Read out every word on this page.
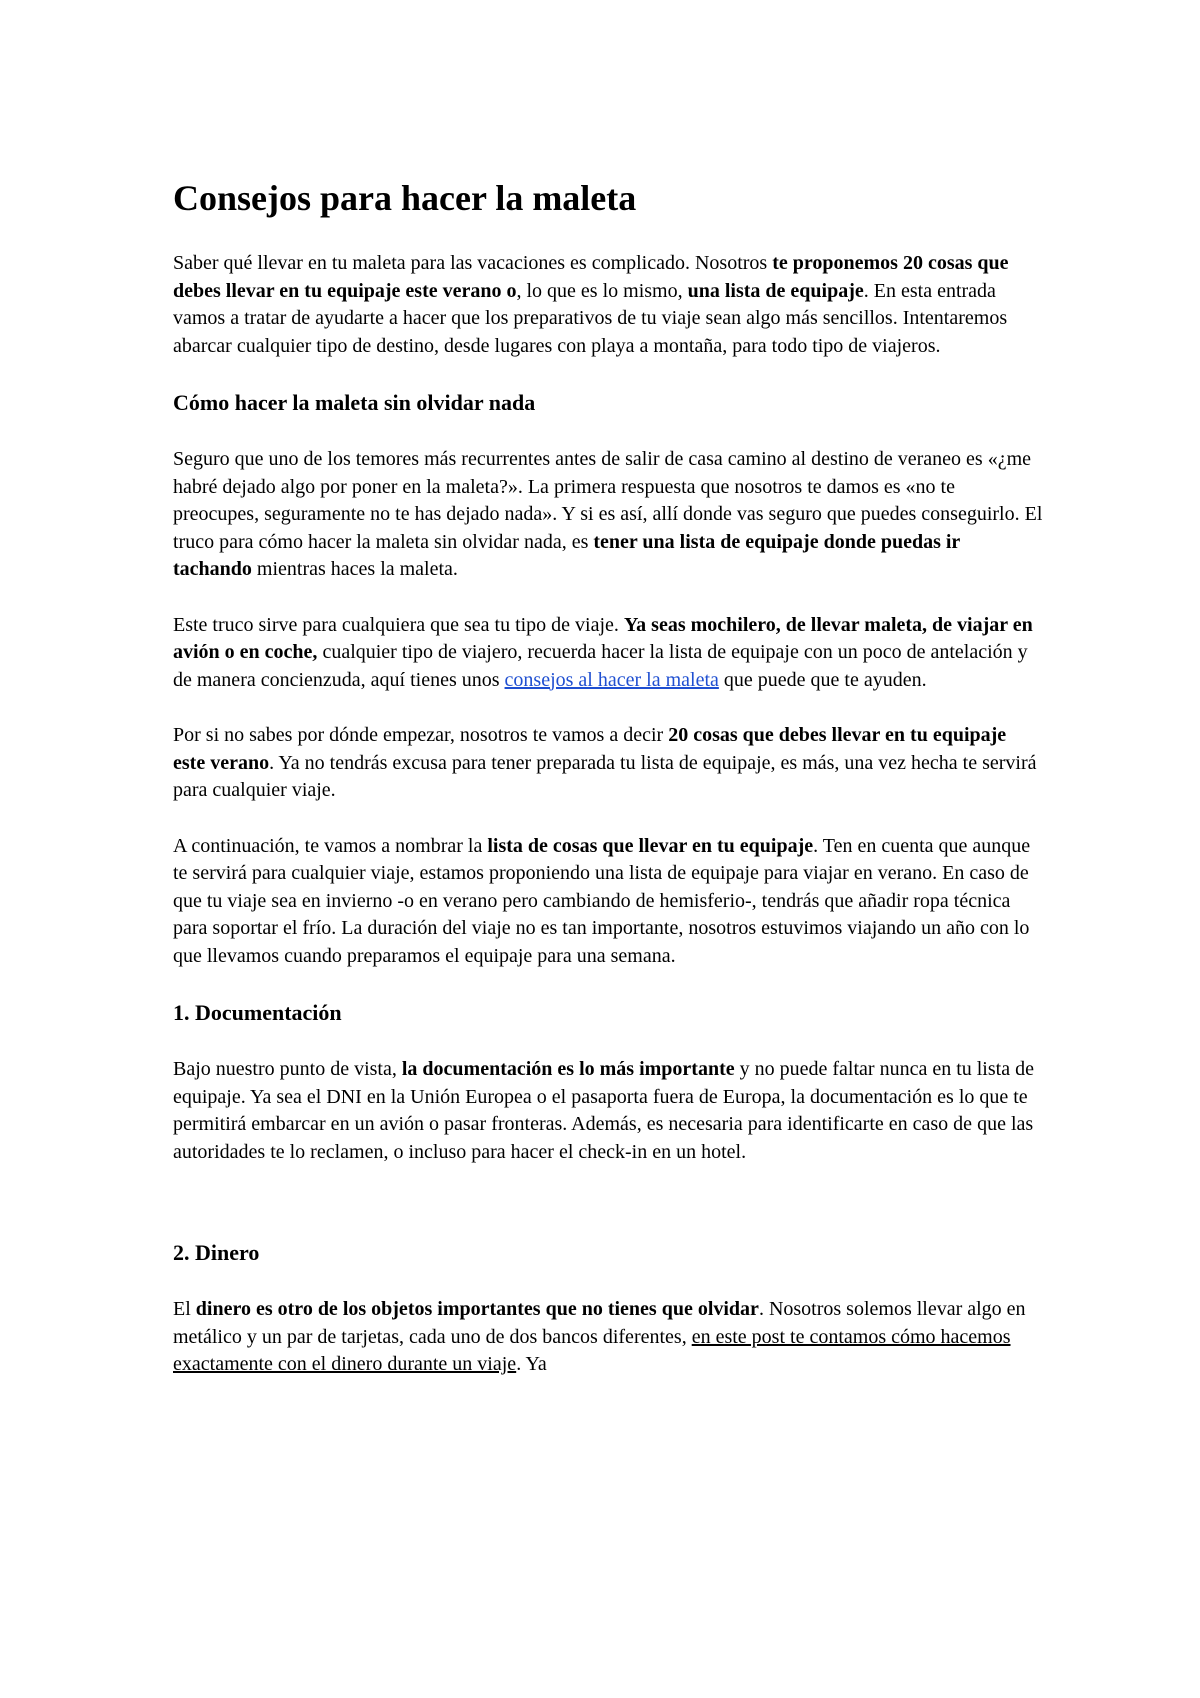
Consejos para hacer la maleta

Saber qué llevar en tu maleta para las vacaciones es complicado. Nosotros te proponemos 20 cosas que debes llevar en tu equipaje este verano o, lo que es lo mismo, una lista de equipaje. En esta entrada vamos a tratar de ayudarte a hacer que los preparativos de tu viaje sean algo más sencillos. Intentaremos abarcar cualquier tipo de destino, desde lugares con playa a montaña, para todo tipo de viajeros.

Cómo hacer la maleta sin olvidar nada

Seguro que uno de los temores más recurrentes antes de salir de casa camino al destino de veraneo es «¿me habré dejado algo por poner en la maleta?». La primera respuesta que nosotros te damos es «no te preocupes, seguramente no te has dejado nada». Y si es así, allí donde vas seguro que puedes conseguirlo. El truco para cómo hacer la maleta sin olvidar nada, es tener una lista de equipaje donde puedas ir tachando mientras haces la maleta.

Este truco sirve para cualquiera que sea tu tipo de viaje. Ya seas mochilero, de llevar maleta, de viajar en avión o en coche, cualquier tipo de viajero, recuerda hacer la lista de equipaje con un poco de antelación y de manera concienzuda, aquí tienes unos consejos al hacer la maleta que puede que te ayuden.

Por si no sabes por dónde empezar, nosotros te vamos a decir 20 cosas que debes llevar en tu equipaje este verano. Ya no tendrás excusa para tener preparada tu lista de equipaje, es más, una vez hecha te servirá para cualquier viaje.

A continuación, te vamos a nombrar la lista de cosas que llevar en tu equipaje. Ten en cuenta que aunque te servirá para cualquier viaje, estamos proponiendo una lista de equipaje para viajar en verano. En caso de que tu viaje sea en invierno -o en verano pero cambiando de hemisferio-, tendrás que añadir ropa técnica para soportar el frío. La duración del viaje no es tan importante, nosotros estuvimos viajando un año con lo que llevamos cuando preparamos el equipaje para una semana.

1. Documentación

Bajo nuestro punto de vista, la documentación es lo más importante y no puede faltar nunca en tu lista de equipaje. Ya sea el DNI en la Unión Europea o el pasaporta fuera de Europa, la documentación es lo que te permitirá embarcar en un avión o pasar fronteras. Además, es necesaria para identificarte en caso de que las autoridades te lo reclamen, o incluso para hacer el check-in en un hotel.

2. Dinero

El dinero es otro de los objetos importantes que no tienes que olvidar. Nosotros solemos llevar algo en metálico y un par de tarjetas, cada uno de dos bancos diferentes, en este post te contamos cómo hacemos exactamente con el dinero durante un viaje. Ya
